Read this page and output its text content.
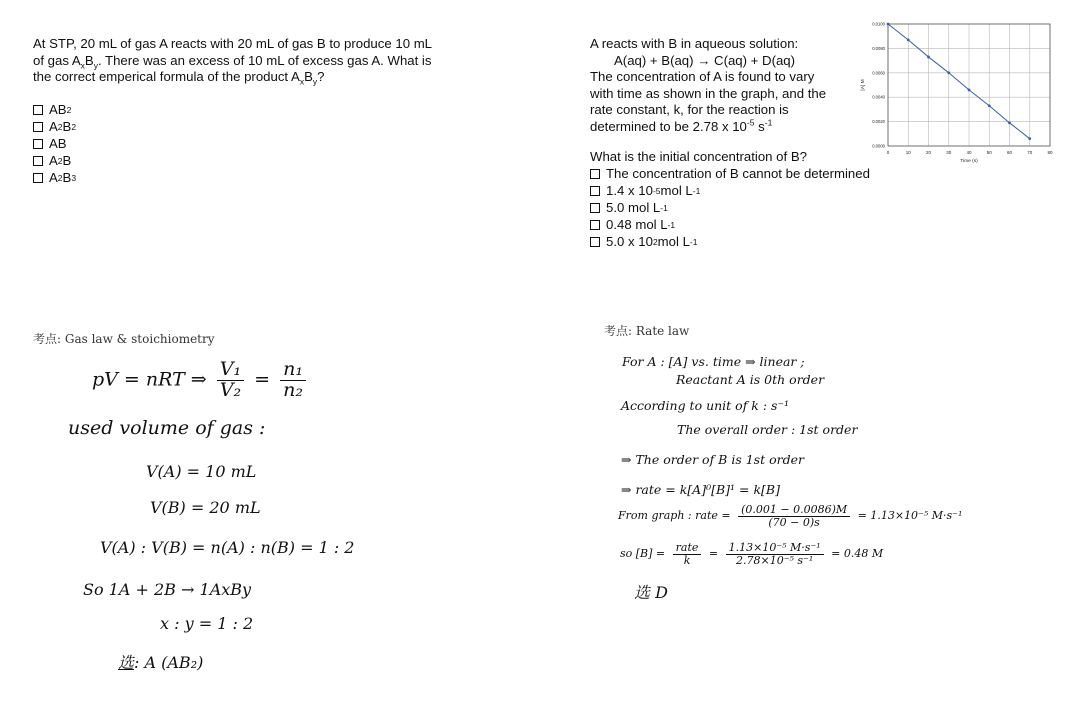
At STP, 20 mL of gas A reacts with 20 mL of gas B to produce 10 mL
of gas $A_xB_y$. There was an excess of 10 mL of excess gas A. What is
the correct emperical formula of the product $A_xB_y$?
AB 2
A 2 B 2
AB
A 2 B
A 2 B 3
A reacts with B in aqueous solution:
A(aq) + B(aq) → C(aq) + D(aq)
The concentration of A is found to vary
with time as shown in the graph, and the
rate constant, k, for the reaction is
determined to be 2.78 x $10^{-5}$ $s^{-1}$
What is the initial concentration of B?
The concentration of B cannot be determined
1.4 x 10 -5 mol L -1
5.0 mol L -1
0.48 mol L -1
5.0 x 10 2 mol L -1
0	10	20	30	40	50	60	70	80
0.0100
0.0080
0.0060
0.0040
0.0020
0.0000
Time (s)
[A] M
考点: Gas law & stoichiometry
pV = nRT ⇒ $\frac{\text{V₁}}{\text{V₂}} = \frac{\text{n₁}}{\text{n₂}}$
used volume of gas :
V(A) = 10 mL
V(B) = 20 mL
V(A) : V(B) = n(A) : n(B) = 1 : 2
So 1A + 2B → 1AxBy
x : y = 1 : 2
选: A (AB₂)
考点: Rate law
For A : [A] vs. time ⇒ linear ;
Reactant A is 0th order
According to unit of k : s⁻¹
The overall order : 1st order
⇒ The order of B is 1st order
⇒ rate = k[A]⁰[B]¹ = k[B]
From graph : rate = $\frac{(0.001 - 0.0086)M}{(70 - 0)s} = 1.13\times 10^{-5}$ M·s⁻¹
so $[B] = \frac{\text{rate}}{k} = \frac{\text{1.13×10⁻⁵ M·s⁻¹}}{\text{2.78×10⁻⁵ s⁻¹}} = 0.48$ M
选 D
